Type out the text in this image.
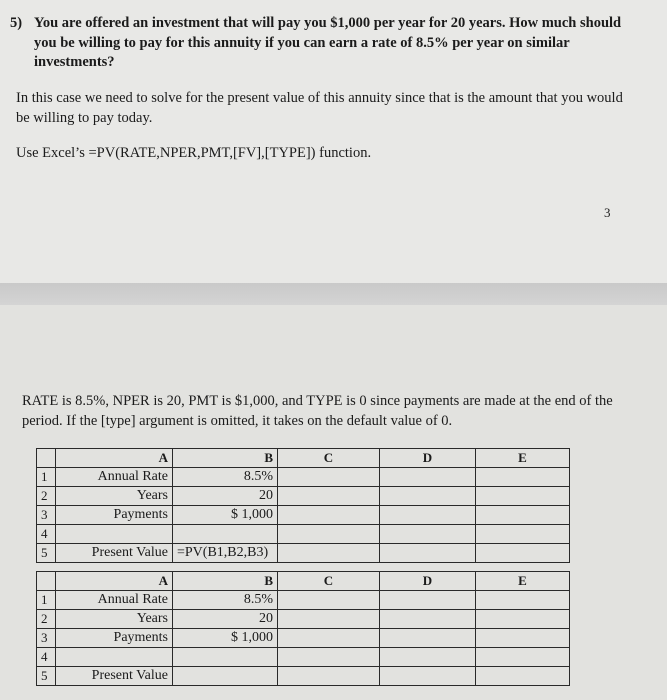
5) You are offered an investment that will pay you $1,000 per year for 20 years. How much should you be willing to pay for this annuity if you can earn a rate of 8.5% per year on similar investments?
In this case we need to solve for the present value of this annuity since that is the amount that you would be willing to pay today.
Use Excel’s =PV(RATE,NPER,PMT,[FV],[TYPE]) function.
3
RATE is 8.5%, NPER is 20, PMT is $1,000, and TYPE is 0 since payments are made at the end of the period. If the [type] argument is omitted, it takes on the default value of 0.
	A	B	C	D	E
1	Annual Rate	8.5%			
2	Years	20			
3	Payments	$ 1,000			
4					
5	Present Value	=PV(B1,B2,B3)			
	A	B	C	D	E
1	Annual Rate	8.5%			
2	Years	20			
3	Payments	$ 1,000			
4					
5	Present Value				
